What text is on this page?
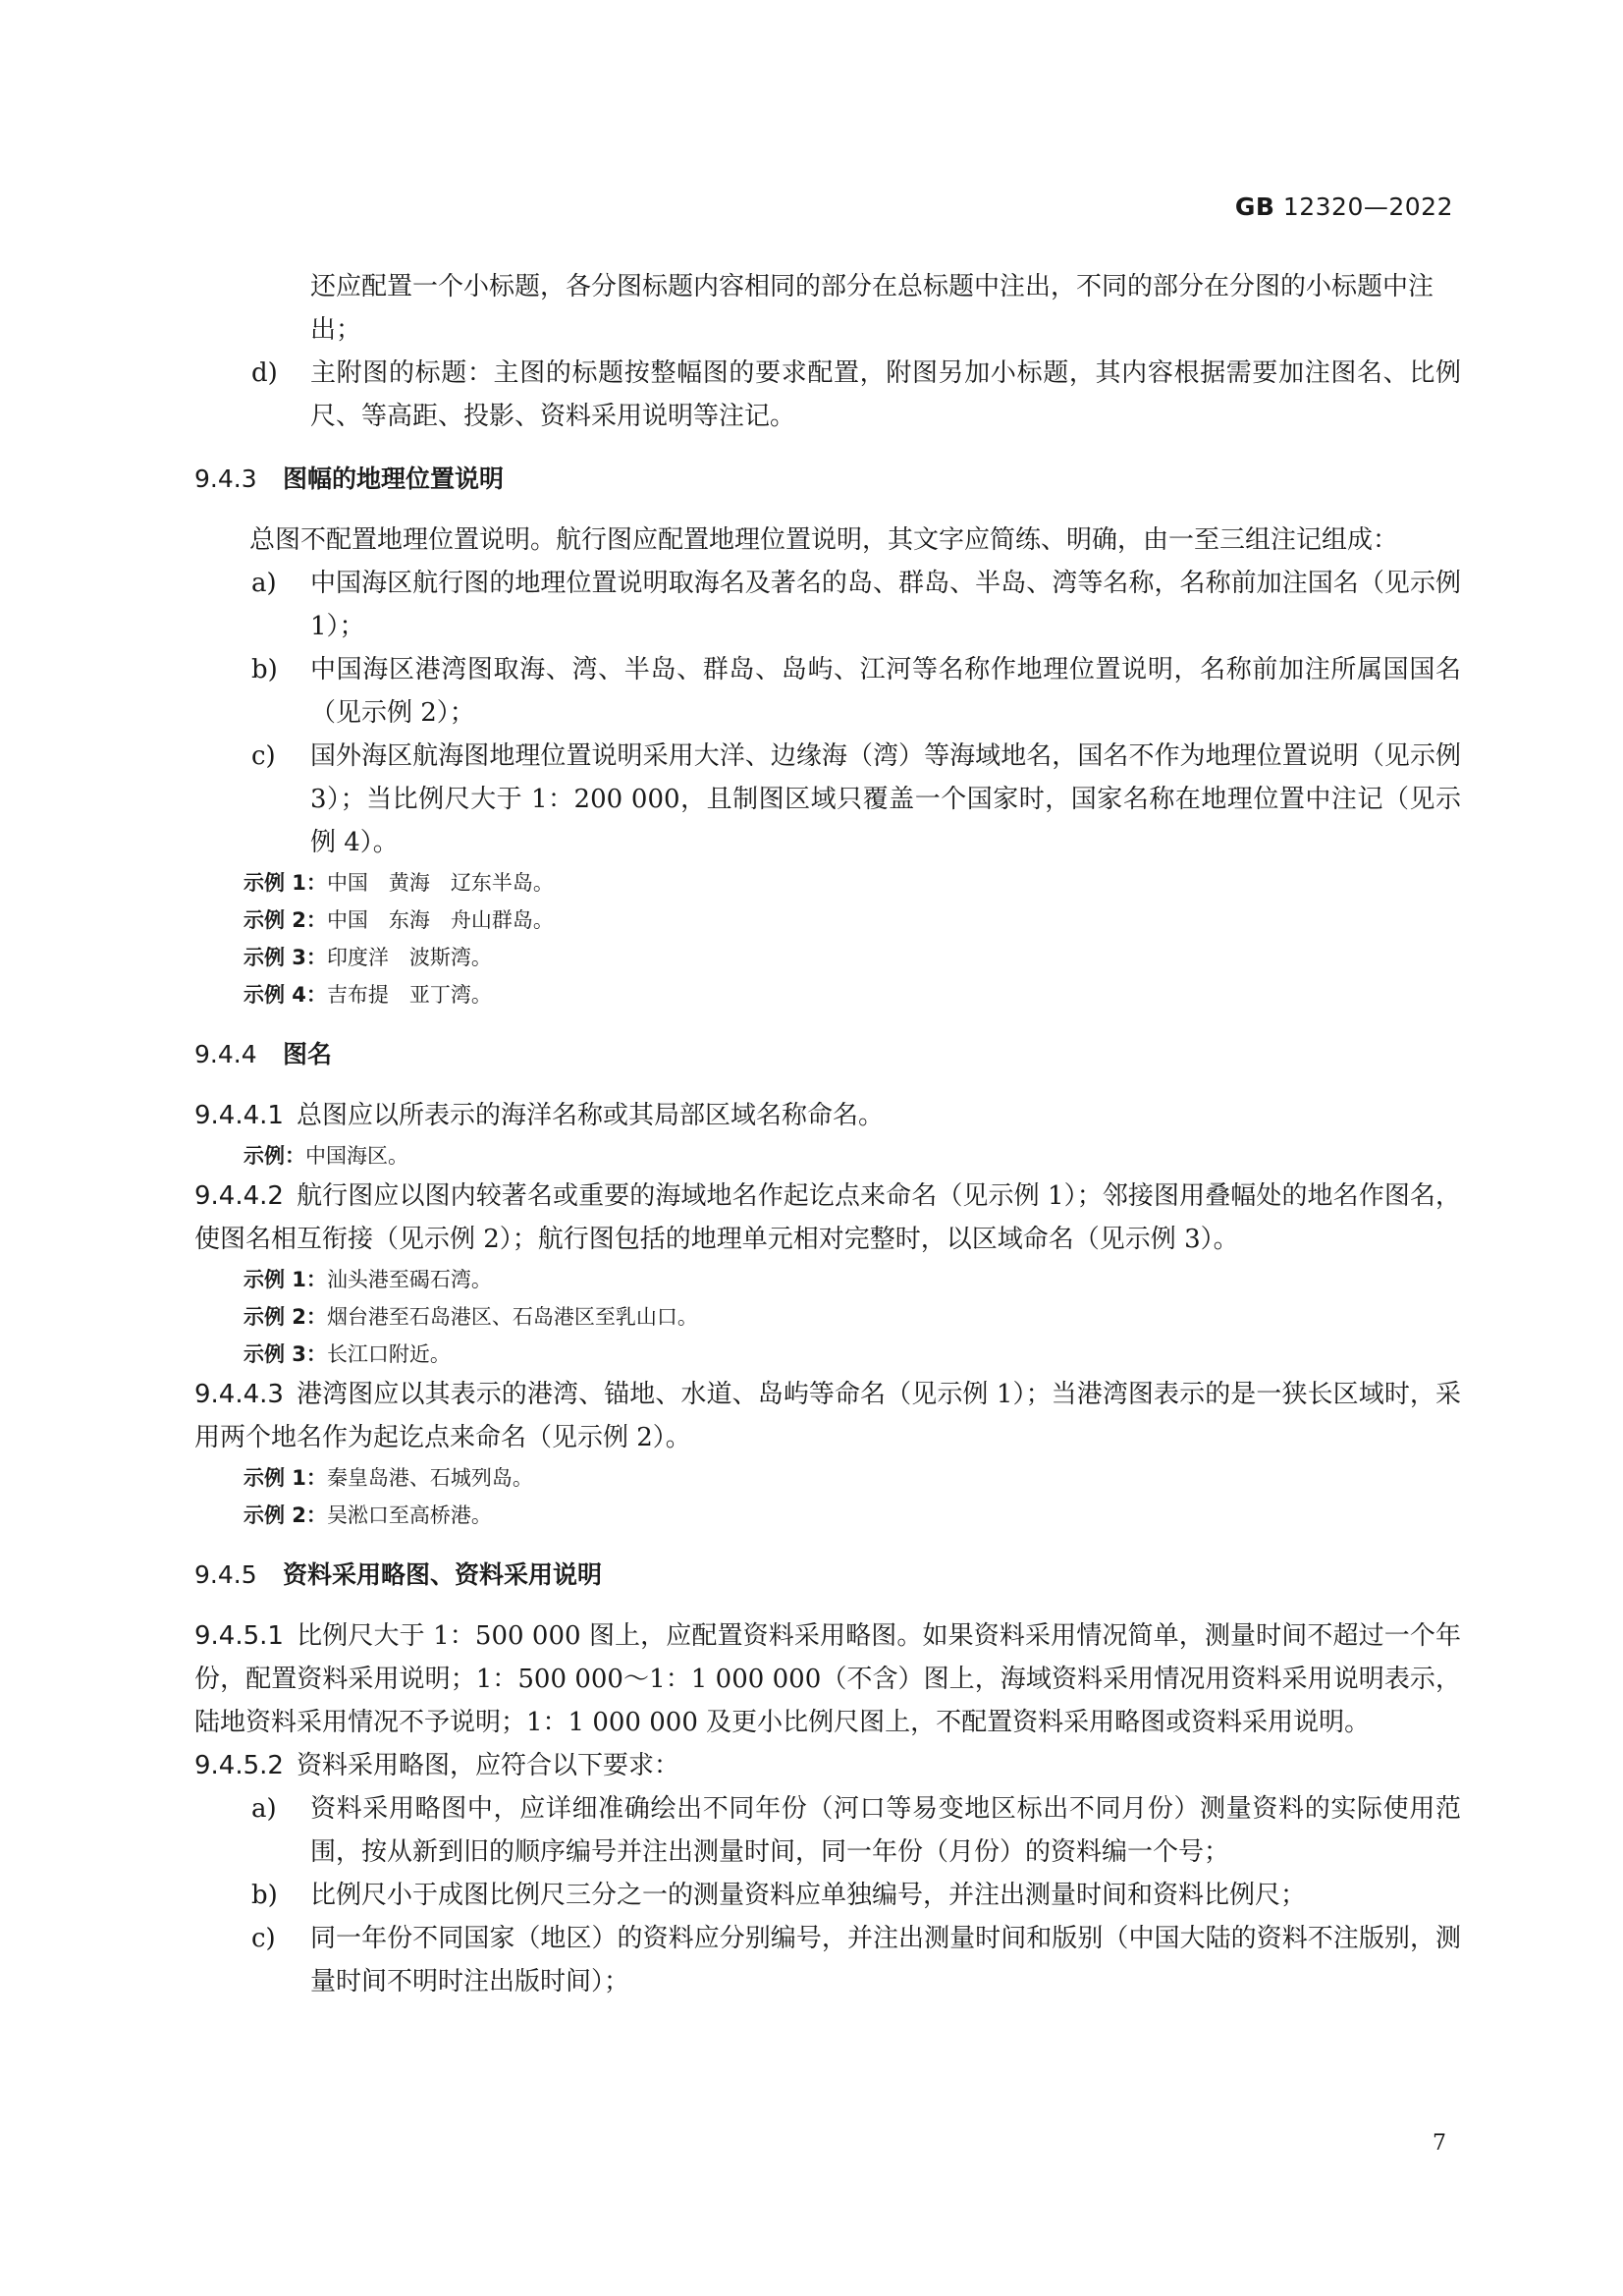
GB 12320—2022

还应配置一个小标题，各分图标题内容相同的部分在总标题中注出，不同的部分在分图的小标题中注出；

d) 主附图的标题：主图的标题按整幅图的要求配置，附图另加小标题，其内容根据需要加注图名、比例尺、等高距、投影、资料采用说明等注记。

9.4.3 图幅的地理位置说明

总图不配置地理位置说明。航行图应配置地理位置说明，其文字应简练、明确，由一至三组注记组成：

a) 中国海区航行图的地理位置说明取海名及著名的岛、群岛、半岛、湾等名称，名称前加注国名（见示例 1）；

b) 中国海区港湾图取海、湾、半岛、群岛、岛屿、江河等名称作地理位置说明，名称前加注所属国国名（见示例 2）；

c) 国外海区航海图地理位置说明采用大洋、边缘海（湾）等海域地名，国名不作为地理位置说明（见示例 3）；当比例尺大于 1：200 000，且制图区域只覆盖一个国家时，国家名称在地理位置中注记（见示例 4）。

示例 1：中国　黄海　辽东半岛。

示例 2：中国　东海　舟山群岛。

示例 3：印度洋　波斯湾。

示例 4：吉布提　亚丁湾。

9.4.4 图名

9.4.4.1 总图应以所表示的海洋名称或其局部区域名称命名。

示例：中国海区。

9.4.4.2 航行图应以图内较著名或重要的海域地名作起讫点来命名（见示例 1）；邻接图用叠幅处的地名作图名，使图名相互衔接（见示例 2）；航行图包括的地理单元相对完整时，以区域命名（见示例 3）。

示例 1：汕头港至碣石湾。

示例 2：烟台港至石岛港区、石岛港区至乳山口。

示例 3：长江口附近。

9.4.4.3 港湾图应以其表示的港湾、锚地、水道、岛屿等命名（见示例 1）；当港湾图表示的是一狭长区域时，采用两个地名作为起讫点来命名（见示例 2）。

示例 1：秦皇岛港、石城列岛。

示例 2：吴淞口至高桥港。

9.4.5 资料采用略图、资料采用说明

9.4.5.1 比例尺大于 1：500 000 图上，应配置资料采用略图。如果资料采用情况简单，测量时间不超过一个年份，配置资料采用说明；1：500 000～1：1 000 000（不含）图上，海域资料采用情况用资料采用说明表示，陆地资料采用情况不予说明；1：1 000 000 及更小比例尺图上，不配置资料采用略图或资料采用说明。

9.4.5.2 资料采用略图，应符合以下要求：

a) 资料采用略图中，应详细准确绘出不同年份（河口等易变地区标出不同月份）测量资料的实际使用范围，按从新到旧的顺序编号并注出测量时间，同一年份（月份）的资料编一个号；

b) 比例尺小于成图比例尺三分之一的测量资料应单独编号，并注出测量时间和资料比例尺；

c) 同一年份不同国家（地区）的资料应分别编号，并注出测量时间和版别（中国大陆的资料不注版别，测量时间不明时注出版时间）；

7
